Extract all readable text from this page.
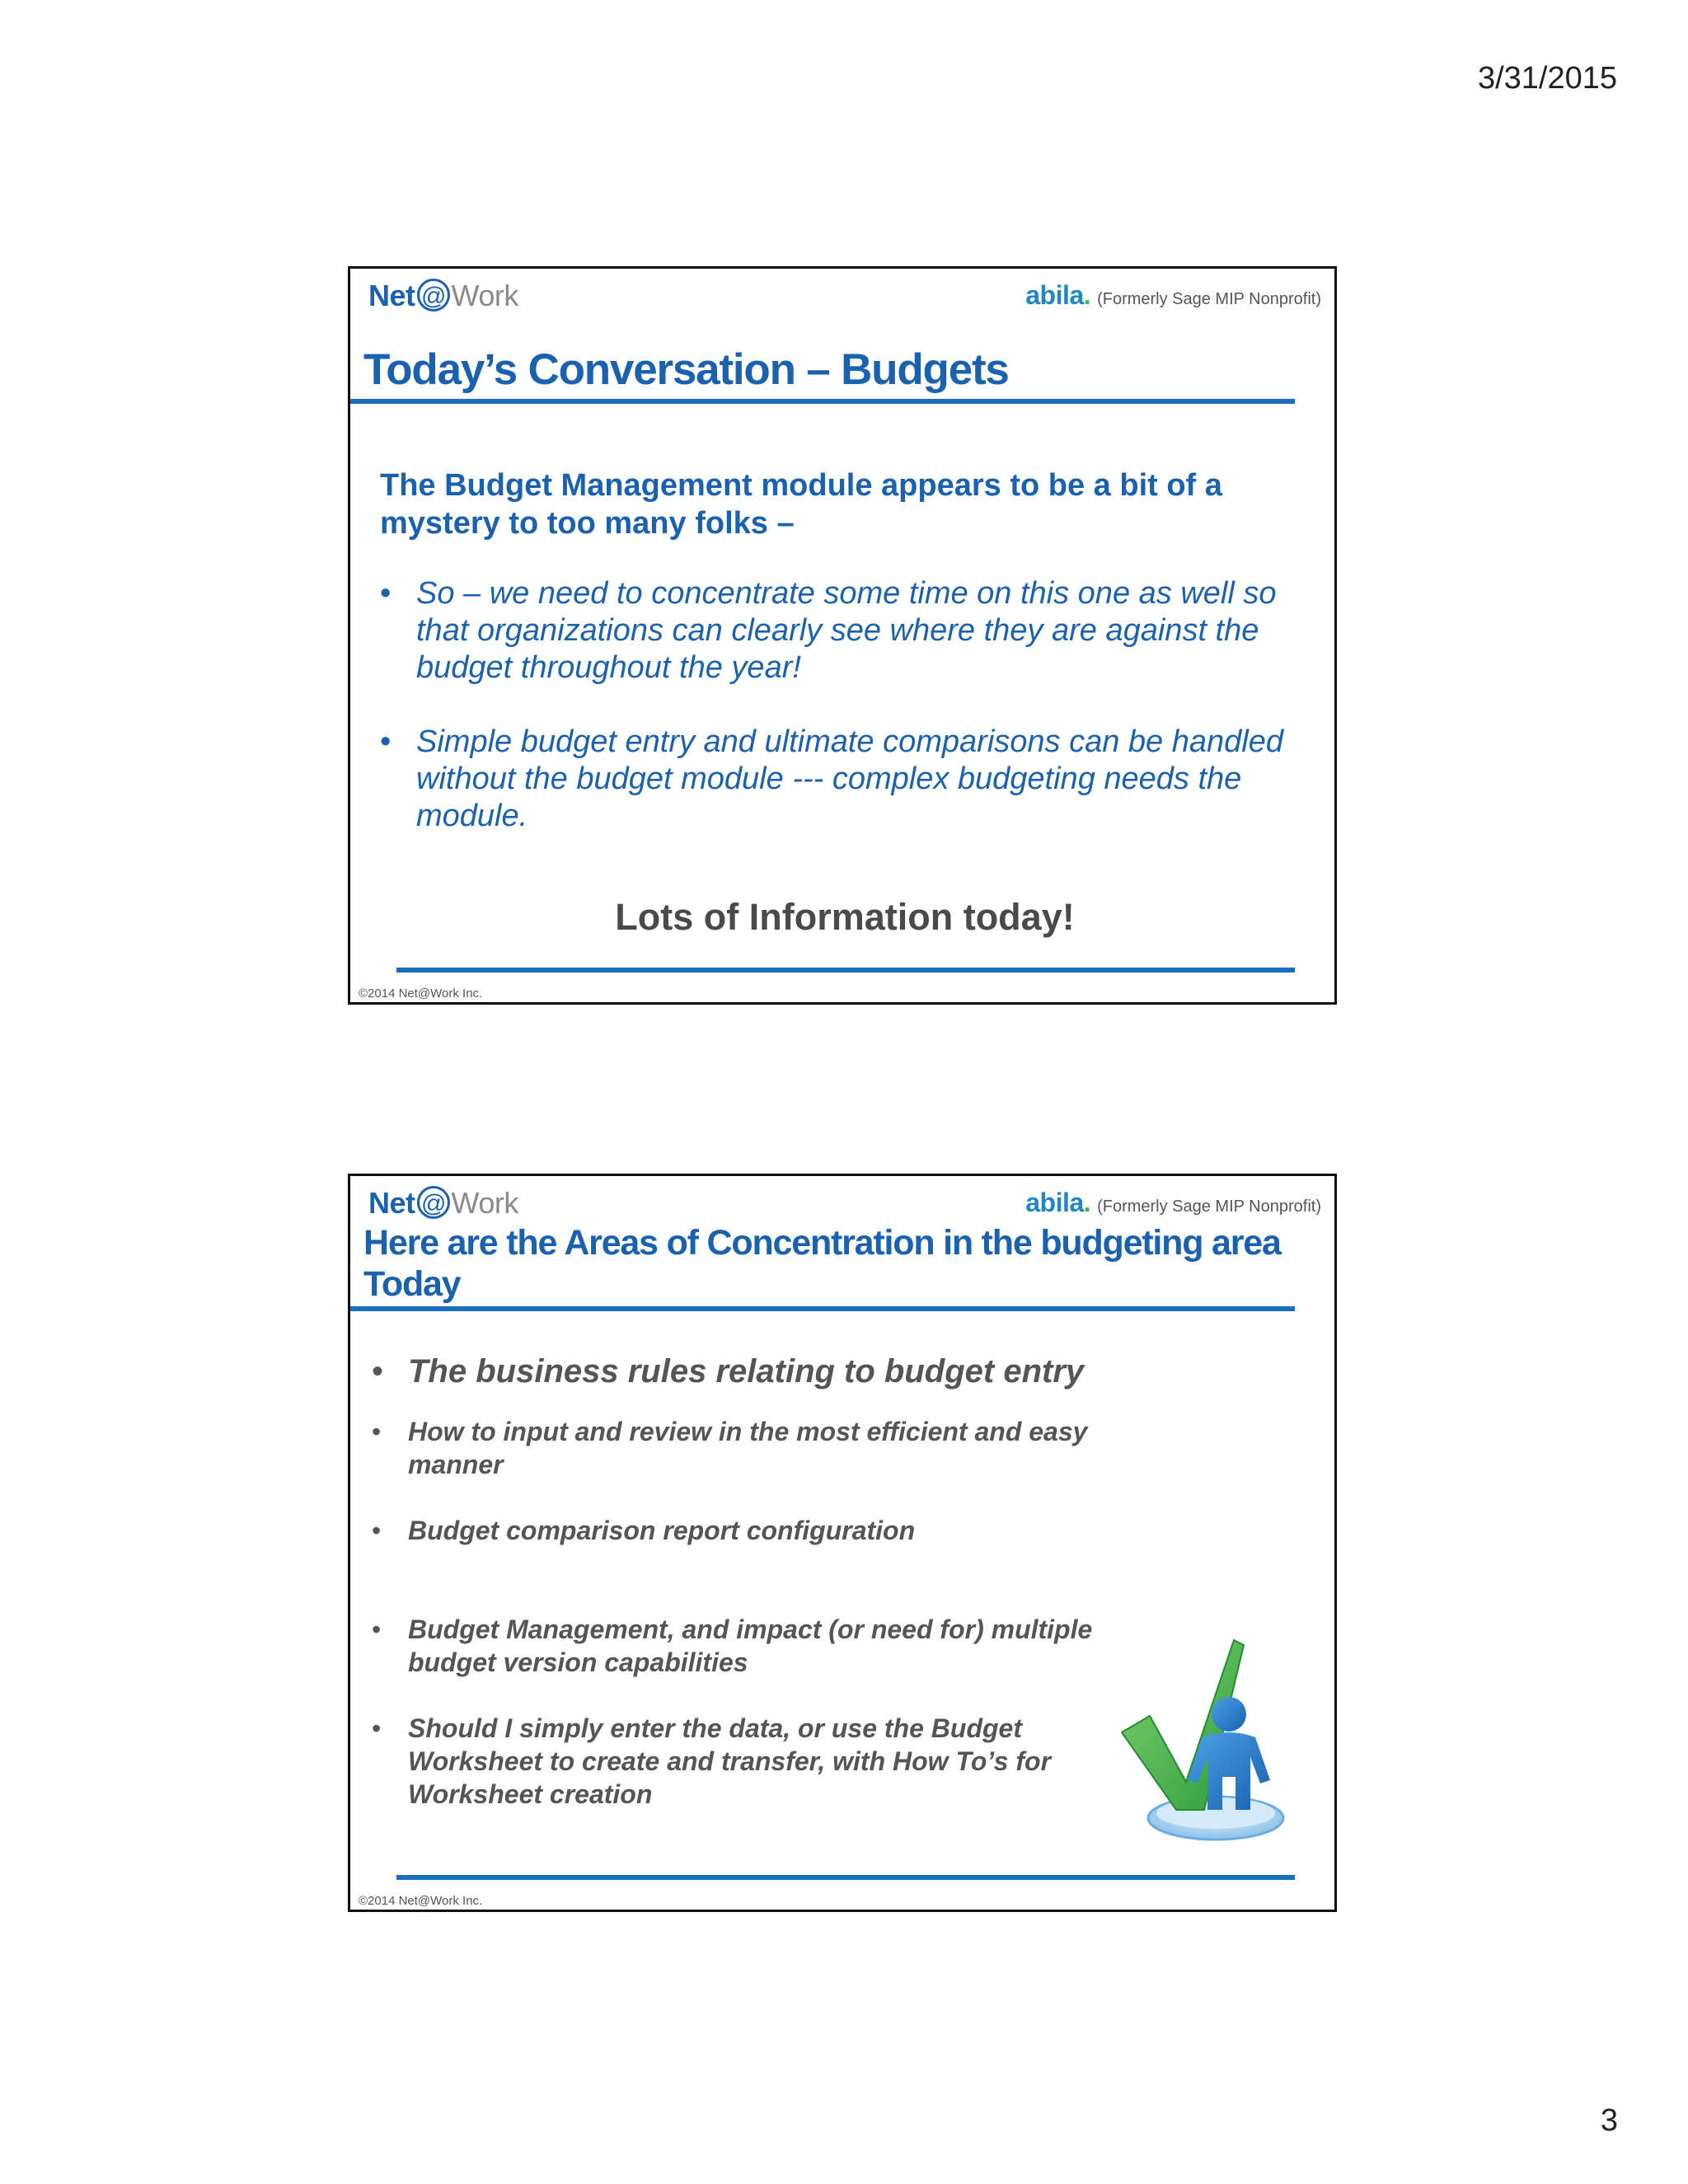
3/31/2015
Net @ Work	abila. (Formerly Sage MIP Nonprofit)
Today’s Conversation – Budgets
The Budget Management module appears to be a bit of a mystery to too many folks –
• So – we need to concentrate some time on this one as well so that organizations can clearly see where they are against the budget throughout the year!
• Simple budget entry and ultimate comparisons can be handled without the budget module --- complex budgeting needs the module.
Lots of Information today!
©2014 Net@Work Inc.
Net @ Work	abila. (Formerly Sage MIP Nonprofit)
Here are the Areas of Concentration in the budgeting area Today
• The business rules relating to budget entry
• How to input and review in the most efficient and easy manner
• Budget comparison report configuration
• Budget Management, and impact (or need for) multiple budget version capabilities
• Should I simply enter the data, or use the Budget Worksheet to create and transfer, with How To’s for Worksheet creation
©2014 Net@Work Inc.
3
